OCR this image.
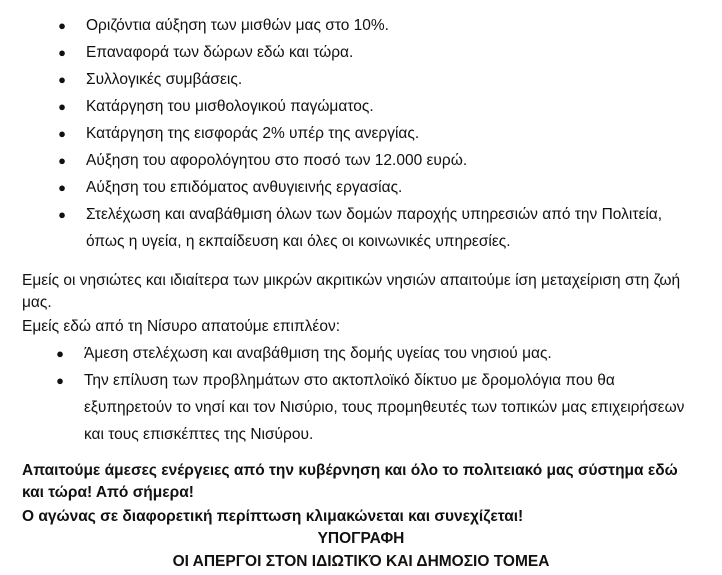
● Οριζόντια αύξηση των μισθών μας στο 10%.
● Επαναφορά των δώρων εδώ και τώρα.
● Συλλογικές συμβάσεις.
● Κατάργηση του μισθολογικού παγώματος.
● Κατάργηση της εισφοράς 2% υπέρ της ανεργίας.
● Αύξηση του αφορολόγητου στο ποσό των 12.000 ευρώ.
● Αύξηση του επιδόματος ανθυγιεινής εργασίας.
● Στελέχωση και αναβάθμιση όλων των δομών παροχής υπηρεσιών από την Πολιτεία, όπως η υγεία, η εκπαίδευση και όλες οι κοινωνικές υπηρεσίες.

Εμείς οι νησιώτες και ιδιαίτερα των μικρών ακριτικών νησιών απαιτούμε ίση μεταχείριση στη ζωή μας.

Εμείς εδώ από τη Νίσυρο απατούμε επιπλέον:

● Άμεση στελέχωση και αναβάθμιση της δομής υγείας του νησιού μας.
● Την επίλυση των προβλημάτων στο ακτοπλοϊκό δίκτυο με δρομολόγια που θα εξυπηρετούν το νησί και τον Νισύριο, τους προμηθευτές των τοπικών μας επιχειρήσεων και τους επισκέπτες της Νισύρου.

Απαιτούμε άμεσες ενέργειες από την κυβέρνηση και όλο το πολιτειακό μας σύστημα εδώ και τώρα! Από σήμερα!

Ο αγώνας σε διαφορετική περίπτωση κλιμακώνεται και συνεχίζεται!

ΥΠΟΓΡΑΦΗ

ΟΙ ΑΠΕΡΓΟΙ ΣΤΟΝ ΙΔΙΩΤΙΚΌ ΚΑΙ ΔΗΜΟΣΙΟ ΤΟΜΕΑ
